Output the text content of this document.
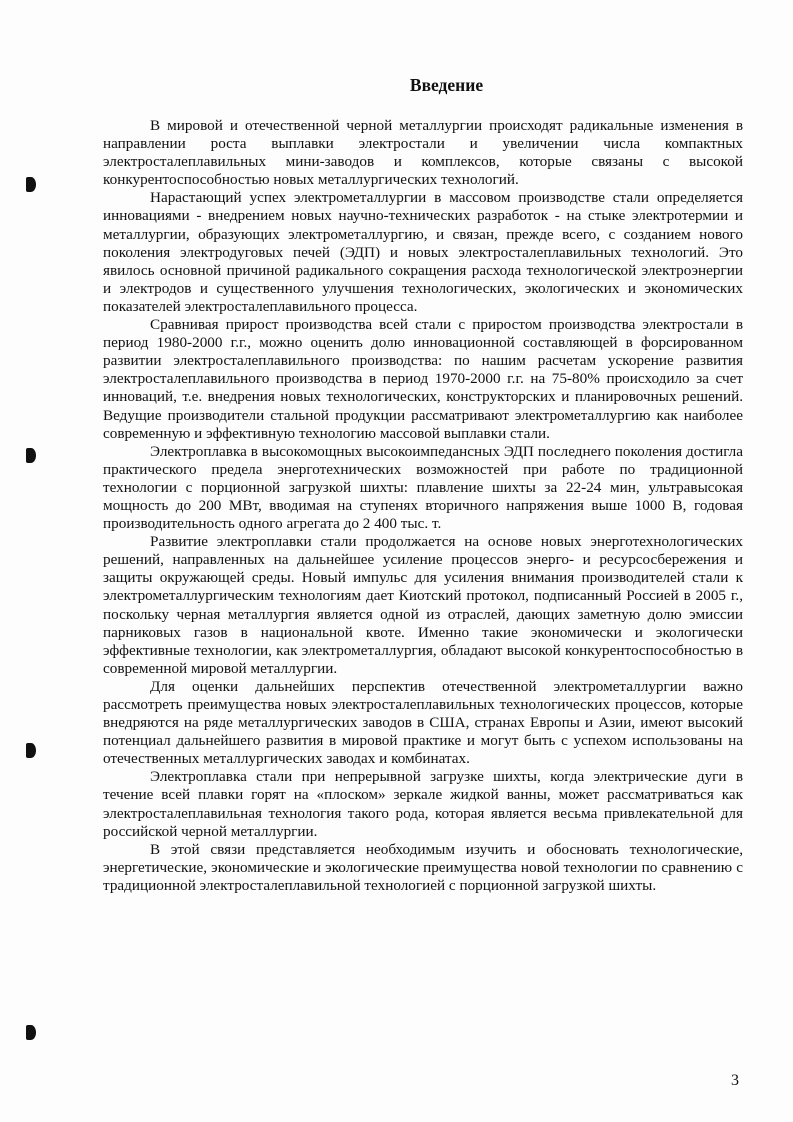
Введение

В мировой и отечественной черной металлургии происходят радикальные изменения в направлении роста выплавки электростали и увеличении числа компактных электросталеплавильных мини-заводов и комплексов, которые связаны с высокой конкурентоспособностью новых металлургических технологий.

Нарастающий успех электрометаллургии в массовом производстве стали определяется инновациями - внедрением новых научно-технических разработок - на стыке электротермии и металлургии, образующих электрометаллургию, и связан, прежде всего, с созданием нового поколения электродуговых печей (ЭДП) и новых электросталеплавильных технологий. Это явилось основной причиной радикального сокращения расхода технологической электроэнергии и электродов и существенного улучшения технологических, экологических и экономических показателей электросталеплавильного процесса.

Сравнивая прирост производства всей стали с приростом производства электростали в период 1980-2000 г.г., можно оценить долю инновационной составляющей в форсированном развитии электросталеплавильного производства: по нашим расчетам ускорение развития электросталеплавильного производства в период 1970-2000 г.г. на 75-80% происходило за счет инноваций, т.е. внедрения новых технологических, конструкторских и планировочных решений. Ведущие производители стальной продукции рассматривают электрометаллургию как наиболее современную и эффективную технологию массовой выплавки стали.

Электроплавка в высокомощных высокоимпедансных ЭДП последнего поколения достигла практического предела энерготехнических возможностей при работе по традиционной технологии с порционной загрузкой шихты: плавление шихты за 22-24 мин, ультравысокая мощность до 200 МВт, вводимая на ступенях вторичного напряжения выше 1000 В, годовая производительность одного агрегата до 2 400 тыс. т.

Развитие электроплавки стали продолжается на основе новых энерготехнологических решений, направленных на дальнейшее усиление процессов энерго- и ресурсосбережения и защиты окружающей среды. Новый импульс для усиления внимания производителей стали к электрометаллургическим технологиям дает Киотский протокол, подписанный Россией в 2005 г., поскольку черная металлургия является одной из отраслей, дающих заметную долю эмиссии парниковых газов в национальной квоте. Именно такие экономически и экологически эффективные технологии, как электрометаллургия, обладают высокой конкурентоспособностью в современной мировой металлургии.

Для оценки дальнейших перспектив отечественной электрометаллургии важно рассмотреть преимущества новых электросталеплавильных технологических процессов, которые внедряются на ряде металлургических заводов в США, странах Европы и Азии, имеют высокий потенциал дальнейшего развития в мировой практике и могут быть с успехом использованы на отечественных металлургических заводах и комбинатах.

Электроплавка стали при непрерывной загрузке шихты, когда электрические дуги в течение всей плавки горят на «плоском» зеркале жидкой ванны, может рассматриваться как электросталеплавильная технология такого рода, которая является весьма привлекательной для российской черной металлургии.

В этой связи представляется необходимым изучить и обосновать технологические, энергетические, экономические и экологические преимущества новой технологии по сравнению с традиционной электросталеплавильной технологией с порционной загрузкой шихты.

3
